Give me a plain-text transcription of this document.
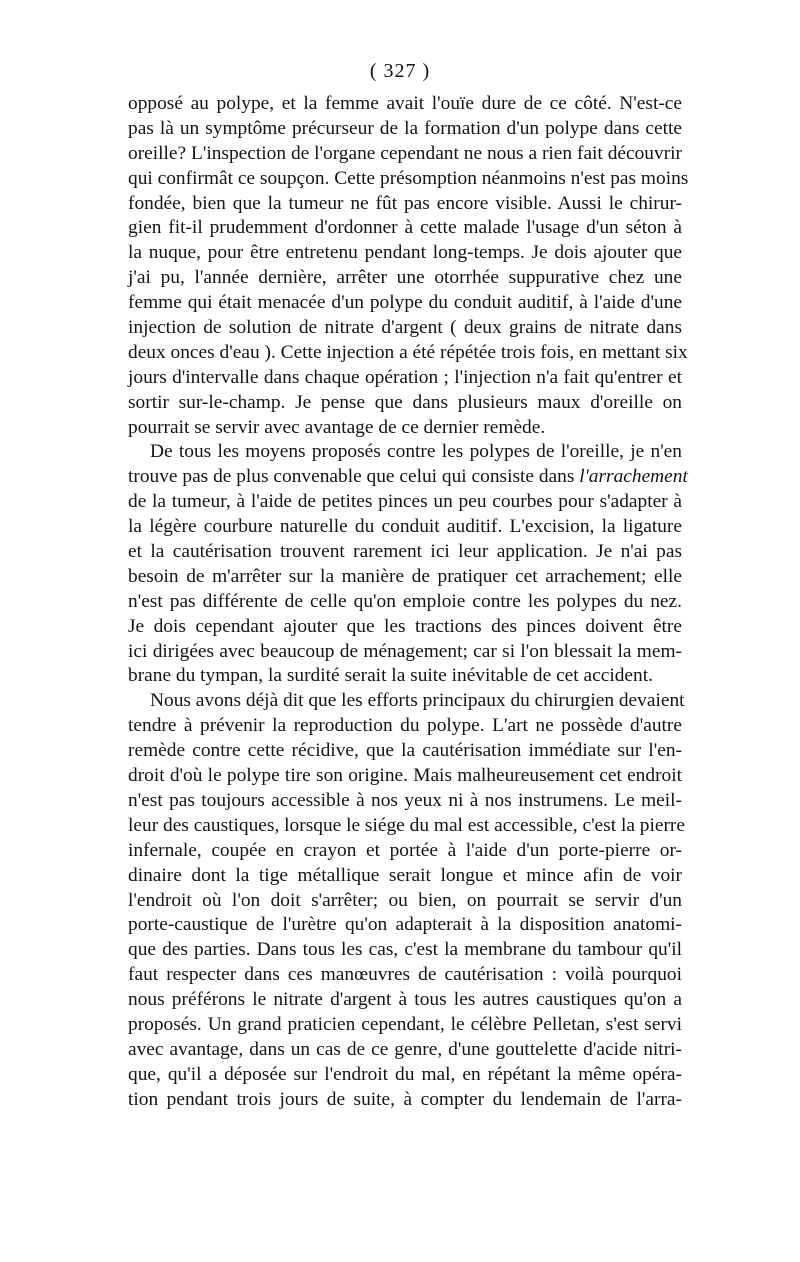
( 327 )
opposé au polype, et la femme avait l'ouïe dure de ce côté. N'est-ce
pas là un symptôme précurseur de la formation d'un polype dans cette
oreille? L'inspection de l'organe cependant ne nous a rien fait découvrir
qui confirmât ce soupçon. Cette présomption néanmoins n'est pas moins
fondée, bien que la tumeur ne fût pas encore visible. Aussi le chirur-
gien fit-il prudemment d'ordonner à cette malade l'usage d'un séton à
la nuque, pour être entretenu pendant long-temps. Je dois ajouter que
j'ai pu, l'année dernière, arrêter une otorrhée suppurative chez une
femme qui était menacée d'un polype du conduit auditif, à l'aide d'une
injection de solution de nitrate d'argent ( deux grains de nitrate dans
deux onces d'eau ). Cette injection a été répétée trois fois, en mettant six
jours d'intervalle dans chaque opération ; l'injection n'a fait qu'entrer et
sortir sur-le-champ. Je pense que dans plusieurs maux d'oreille on
pourrait se servir avec avantage de ce dernier remède.
De tous les moyens proposés contre les polypes de l'oreille, je n'en
trouve pas de plus convenable que celui qui consiste dans l'arrachement
de la tumeur, à l'aide de petites pinces un peu courbes pour s'adapter à
la légère courbure naturelle du conduit auditif. L'excision, la ligature
et la cautérisation trouvent rarement ici leur application. Je n'ai pas
besoin de m'arrêter sur la manière de pratiquer cet arrachement; elle
n'est pas différente de celle qu'on emploie contre les polypes du nez.
Je dois cependant ajouter que les tractions des pinces doivent être
ici dirigées avec beaucoup de ménagement; car si l'on blessait la mem-
brane du tympan, la surdité serait la suite inévitable de cet accident.
Nous avons déjà dit que les efforts principaux du chirurgien devaient
tendre à prévenir la reproduction du polype. L'art ne possède d'autre
remède contre cette récidive, que la cautérisation immédiate sur l'en-
droit d'où le polype tire son origine. Mais malheureusement cet endroit
n'est pas toujours accessible à nos yeux ni à nos instrumens. Le meil-
leur des caustiques, lorsque le siége du mal est accessible, c'est la pierre
infernale, coupée en crayon et portée à l'aide d'un porte-pierre or-
dinaire dont la tige métallique serait longue et mince afin de voir
l'endroit où l'on doit s'arrêter; ou bien, on pourrait se servir d'un
porte-caustique de l'urètre qu'on adapterait à la disposition anatomi-
que des parties. Dans tous les cas, c'est la membrane du tambour qu'il
faut respecter dans ces manœuvres de cautérisation : voilà pourquoi
nous préférons le nitrate d'argent à tous les autres caustiques qu'on a
proposés. Un grand praticien cependant, le célèbre Pelletan, s'est servi
avec avantage, dans un cas de ce genre, d'une gouttelette d'acide nitri-
que, qu'il a déposée sur l'endroit du mal, en répétant la même opéra-
tion pendant trois jours de suite, à compter du lendemain de l'arra-
